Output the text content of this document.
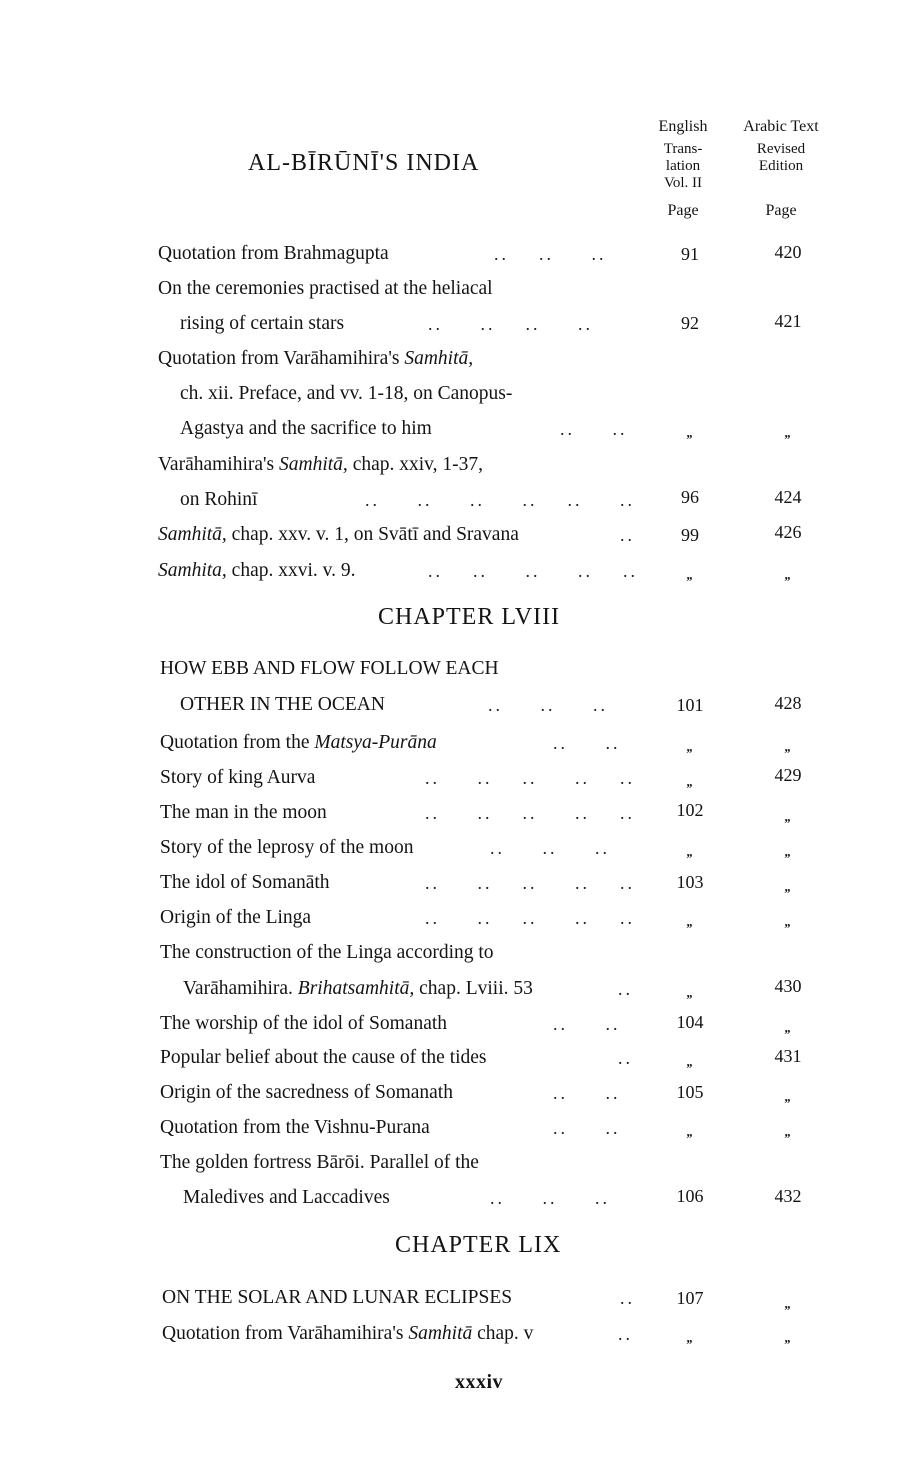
AL-BĪRŪNĪ'S INDIA
English
Trans-
lation
Vol. II
Page
Arabic Text
Revised
Edition
Page
Quotation from Brahmagupta	..    ..     ..	91	420
On the ceremonies practised at the heliacal
rising of certain stars	..     ..    ..     ..	92	421
Quotation from Varāhamihira's Samhitā,
ch. xii. Preface, and vv. 1-18, on Canopus-
Agastya and the sacrifice to him	..     ..	„	„
Varāhamihira's Samhitā, chap. xxiv, 1-37,
on Rohinī	..     ..     ..     ..    ..     ..	96	424
Samhitā, chap. xxv. v. 1, on Svātī and Sravana	..	99	426
Samhita, chap. xxvi. v. 9.	..    ..     ..     ..    ..	„	„
CHAPTER LVIII
HOW EBB AND FLOW FOLLOW EACH
OTHER IN THE OCEAN	..     ..     ..	101	428
Quotation from the Matsya-Purāna	..     ..	„	„
Story of king Aurva	..     ..    ..     ..    ..	„	429
The man in the moon	..     ..    ..     ..    ..	102	„
Story of the leprosy of the moon	..     ..     ..	„	„
The idol of Somanāth	..     ..    ..     ..    ..	103	„
Origin of the Linga	..     ..    ..     ..    ..	„	„
The construction of the Linga according to
Varāhamihira. Brihatsamhitā, chap. Lviii. 53	..	„	430
The worship of the idol of Somanath	..     ..	104	„
Popular belief about the cause of the tides	..	„	431
Origin of the sacredness of Somanath	..     ..	105	„
Quotation from the Vishnu-Purana	..     ..	„	„
The golden fortress Bārōi. Parallel of the
Maledives and Laccadives	..     ..     ..	106	432
CHAPTER LIX
ON THE SOLAR AND LUNAR ECLIPSES	..	107	„
Quotation from Varāhamihira's Samhitā chap. v	..	„	„
xxxiv
